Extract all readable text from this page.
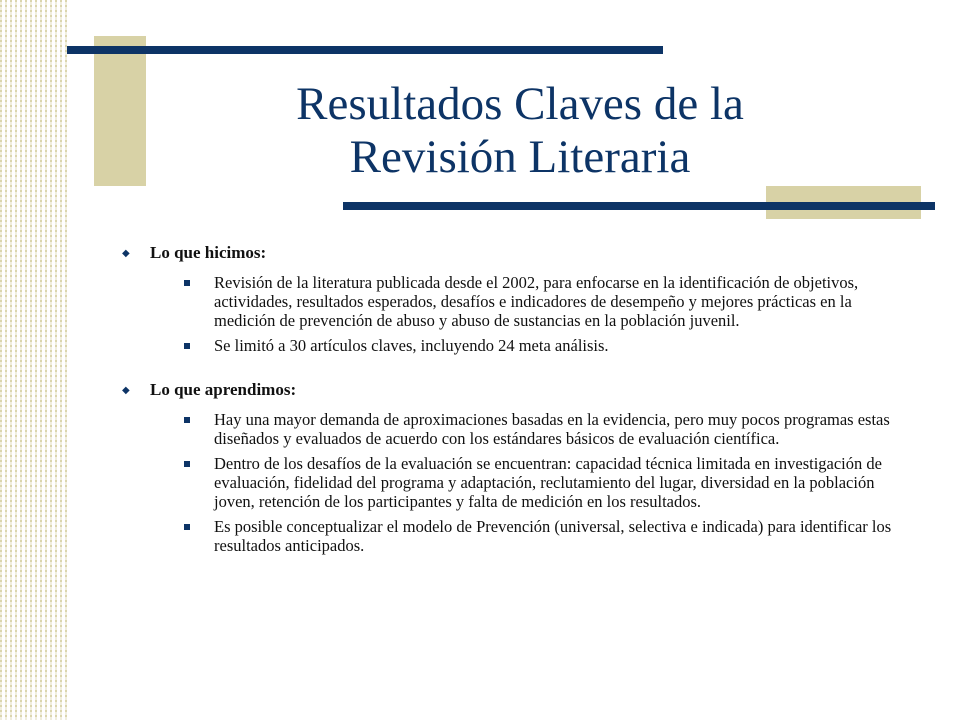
Resultados Claves de la
Revisión Literaria
◆	Lo que hicimos:
Revisión de la literatura publicada desde el 2002, para enfocarse en la identificación de objetivos, actividades, resultados esperados, desafíos e indicadores de desempeño y mejores prácticas en la medición de prevención de abuso y abuso de sustancias en la población juvenil.
Se limitó a 30 artículos claves, incluyendo 24 meta análisis.
◆	Lo que aprendimos:
Hay una mayor demanda de aproximaciones basadas en la evidencia, pero muy pocos programas estas diseñados y evaluados de acuerdo con los estándares básicos de evaluación científica.
Dentro de los desafíos de la evaluación se encuentran: capacidad técnica limitada en investigación de evaluación, fidelidad del programa y adaptación, reclutamiento del lugar, diversidad en la población joven, retención de los participantes y falta de medición en los resultados.
Es posible conceptualizar el modelo de Prevención (universal, selectiva e indicada) para identificar los resultados anticipados.
